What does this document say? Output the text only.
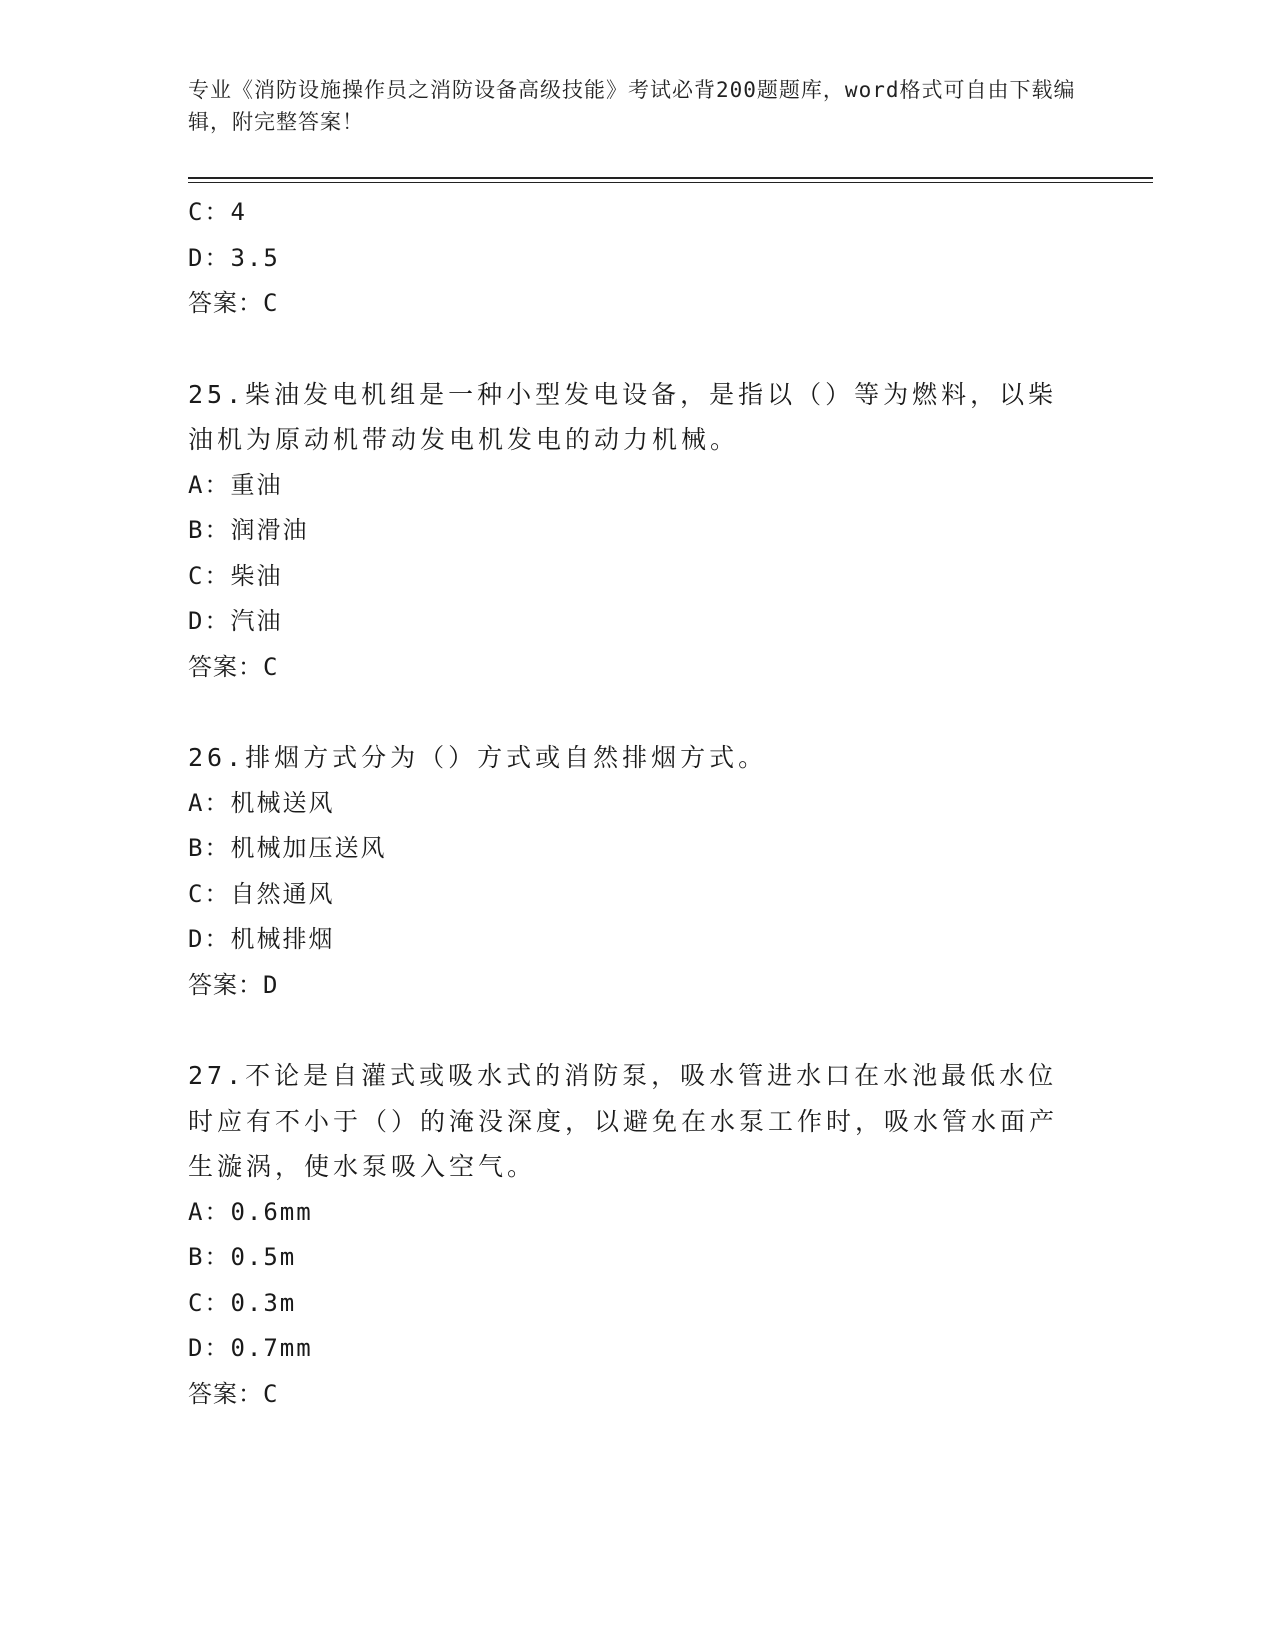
专业《消防设施操作员之消防设备高级技能》考试必背200题题库，word格式可自由下载编辑，附完整答案！
C：4
D：3.5
答案：C
25.柴油发电机组是一种小型发电设备，是指以（）等为燃料，以柴油机为原动机带动发电机发电的动力机械。
A：重油
B：润滑油
C：柴油
D：汽油
答案：C
26.排烟方式分为（）方式或自然排烟方式。
A：机械送风
B：机械加压送风
C：自然通风
D：机械排烟
答案：D
27.不论是自灌式或吸水式的消防泵，吸水管进水口在水池最低水位时应有不小于（）的淹没深度，以避免在水泵工作时，吸水管水面产生漩涡，使水泵吸入空气。
A：0.6mm
B：0.5m
C：0.3m
D：0.7mm
答案：C
